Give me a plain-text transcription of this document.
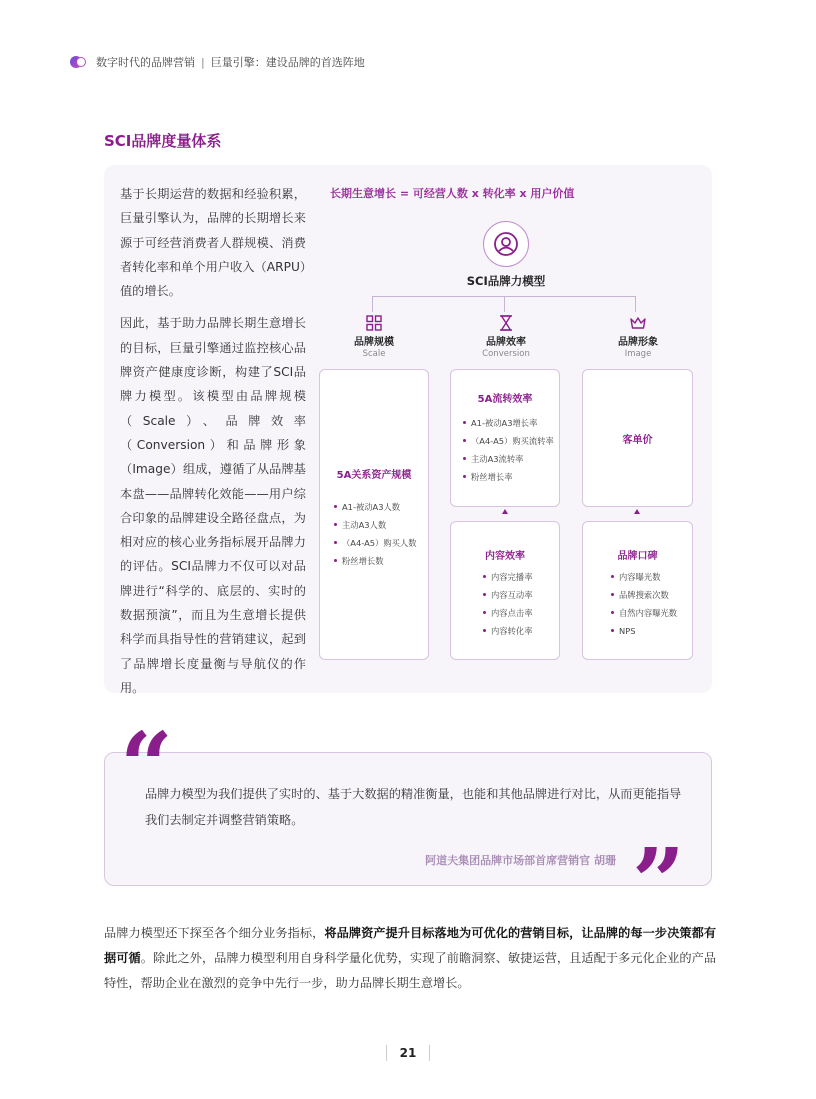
数字时代的品牌营销 | 巨量引擎：建设品牌的首选阵地
SCI品牌度量体系

基于长期运营的数据和经验积累，巨量引擎认为，品牌的长期增长来源于可经营消费者人群规模、消费者转化率和单个用户收入（ARPU）值的增长。

因此，基于助力品牌长期生意增长的目标，巨量引擎通过监控核心品牌资产健康度诊断，构建了SCI品牌力模型。该模型由品牌规模（Scale）、品牌效率（Conversion）和品牌形象（Image）组成，遵循了从品牌基本盘——品牌转化效能——用户综合印象的品牌建设全路径盘点，为相对应的核心业务指标展开品牌力的评估。SCI品牌力不仅可以对品牌进行“科学的、底层的、实时的数据预演”，而且为生意增长提供科学而具指导性的营销建议，起到了品牌增长度量衡与导航仪的作用。

长期生意增长 = 可经营人数 x 转化率 x 用户价值
SCI品牌力模型
品牌规模
Scale
品牌效率
Conversion
品牌形象
Image
5A关系资产规模
A1-被动A3人数
主动A3人数
（A4-A5）购买人数
粉丝增长数
5A流转效率
A1-被动A3增长率
（A4-A5）购买流转率
主动A3流转率
粉丝增长率
内容效率
内容完播率
内容互动率
内容点击率
内容转化率
客单价
品牌口碑
内容曝光数
品牌搜索次数
自然内容曝光数
NPS
“
品牌力模型为我们提供了实时的、基于大数据的精准衡量，也能和其他品牌进行对比，从而更能指导我们去制定并调整营销策略。
阿道夫集团品牌市场部首席营销官 胡珊 ”
品牌力模型还下探至各个细分业务指标，将品牌资产提升目标落地为可优化的营销目标，让品牌的每一步决策都有据可循。除此之外，品牌力模型利用自身科学量化优势，实现了前瞻洞察、敏捷运营，且适配于多元化企业的产品特性，帮助企业在激烈的竞争中先行一步，助力品牌长期生意增长。
21
